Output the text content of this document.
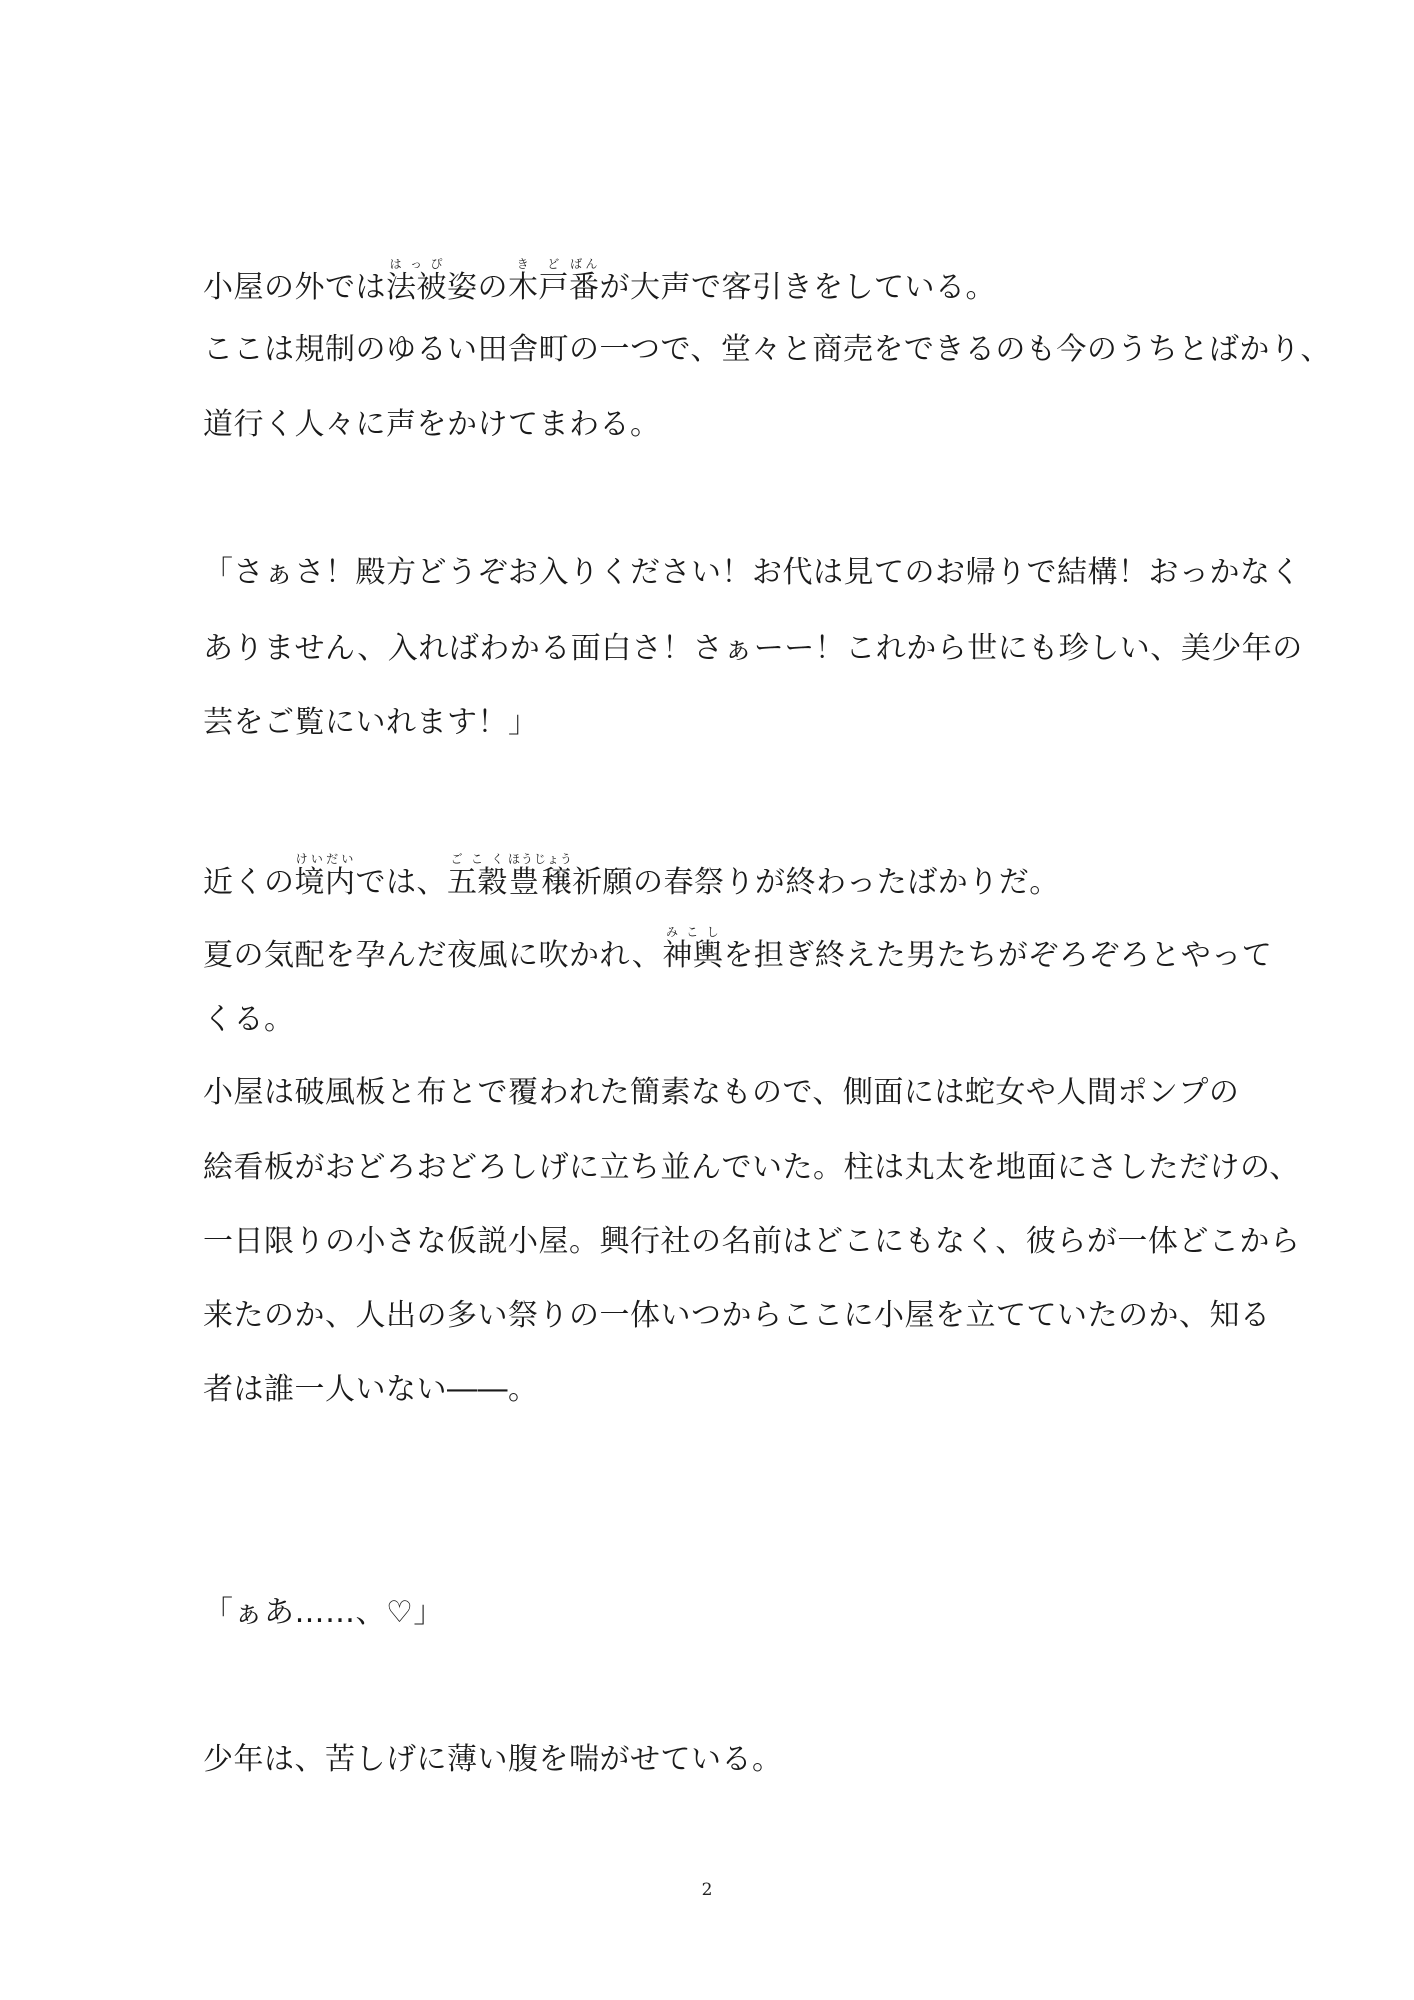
小屋の外では法被はっぴ姿の木戸きど番ばんが大声で客引きをしている。
ここは規制のゆるい田舎町の一つで、堂々と商売をできるのも今のうちとばかり、
道行く人々に声をかけてまわる。
「さぁさ！殿方どうぞお入りください！お代は見てのお帰りで結構！おっかなく
ありません、入ればわかる面白さ！さぁーー！これから世にも珍しい、美少年の
芸をご覧にいれます！」
近くの境内けいだいでは、五穀ごこく豊穣ほうじょう祈願の春祭りが終わったばかりだ。
夏の気配を孕んだ夜風に吹かれ、神輿みこしを担ぎ終えた男たちがぞろぞろとやって
くる。
小屋は破風板と布とで覆われた簡素なもので、側面には蛇女や人間ポンプの
絵看板がおどろおどろしげに立ち並んでいた。柱は丸太を地面にさしただけの、
一日限りの小さな仮説小屋。興行社の名前はどこにもなく、彼らが一体どこから
来たのか、人出の多い祭りの一体いつからここに小屋を立てていたのか、知る
者は誰一人いない――。
「ぁあ……、♡」
少年は、苦しげに薄い腹を喘がせている。
2
